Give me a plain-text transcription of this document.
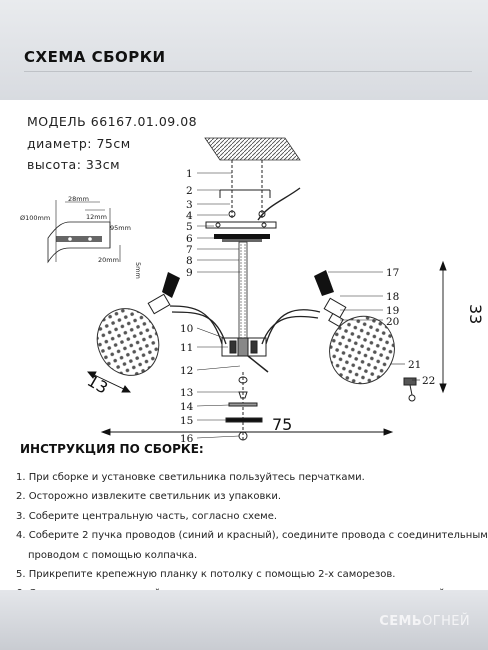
СХЕМА СБОРКИ
МОДЕЛЬ 66167.01.09.08
диаметр: 75см
высота: 33см
Ø100mm
28mm
12mm
95mm
20mm
5mm
75
33
13
1
2
3
4
5
6
7
8
9
10
11
12
13
14
15
16
17
18
19
20
21
22
ИНСТРУКЦИЯ ПО СБОРКЕ:
1. При сборке и установке светильника пользуйтесь перчатками.
2. Осторожно извлеките светильник из упаковки.
3. Соберите центральную часть, согласно схеме.
4. Соберите 2 пучка проводов (синий и красный), соедините провода с соединительным
проводом с помощью колпачка.
5. Прикрепите крепежную планку к потолку с помощью 2-х саморезов.
СЕМЬОГНЕЙ
